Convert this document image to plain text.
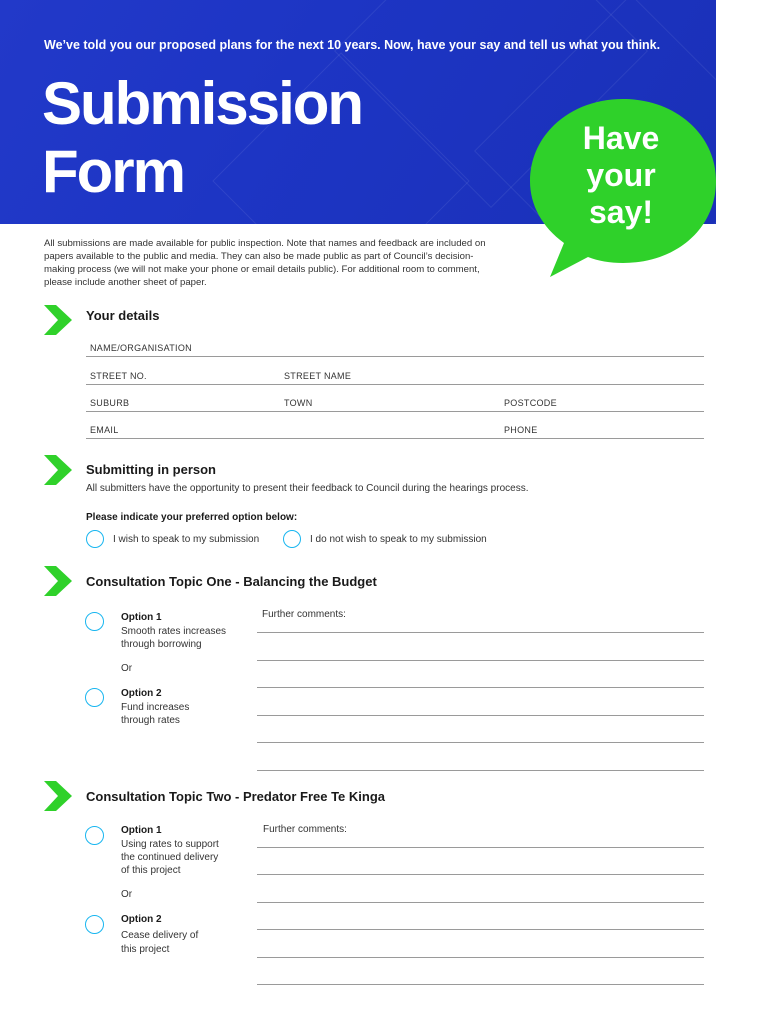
We’ve told you our proposed plans for the next 10 years. Now, have your say and tell us what you think.
Submission
Form	Have
your
say!
All submissions are made available for public inspection. Note that names and feedback are included on papers available to the public and media. They can also be made public as part of Council’s decision-making process (we will not make your phone or email details public). For additional room to comment, please include another sheet of paper.
Your details
NAME/ORGANISATION
STREET NO.	STREET NAME
SUBURB	TOWN	POSTCODE
EMAIL	PHONE
Submitting in person
All submitters have the opportunity to present their feedback to Council during the hearings process.
Please indicate your preferred option below:
I wish to speak to my submission	I do not wish to speak to my submission
Consultation Topic One - Balancing the Budget
Option 1
Smooth rates increases
through borrowing
Or
Option 2
Fund increases
through rates
Further comments:
Consultation Topic Two - Predator Free Te Kinga
Option 1
Using rates to support
the continued delivery
of this project
Or
Option 2
Cease delivery of
this project
Further comments:
